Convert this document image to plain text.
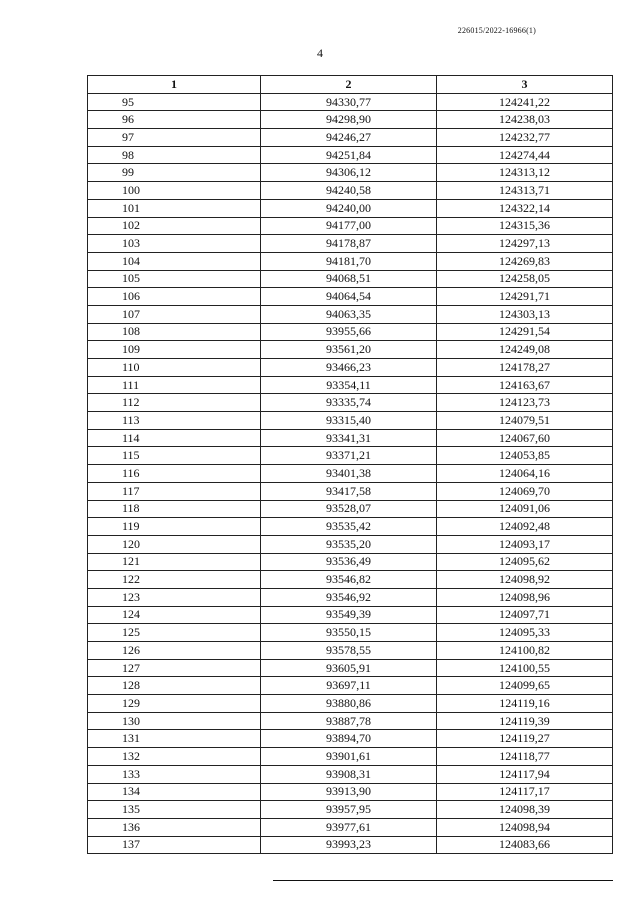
226015/2022-16966(1)
4
1	2	3
95	94330,77	124241,22
96	94298,90	124238,03
97	94246,27	124232,77
98	94251,84	124274,44
99	94306,12	124313,12
100	94240,58	124313,71
101	94240,00	124322,14
102	94177,00	124315,36
103	94178,87	124297,13
104	94181,70	124269,83
105	94068,51	124258,05
106	94064,54	124291,71
107	94063,35	124303,13
108	93955,66	124291,54
109	93561,20	124249,08
110	93466,23	124178,27
111	93354,11	124163,67
112	93335,74	124123,73
113	93315,40	124079,51
114	93341,31	124067,60
115	93371,21	124053,85
116	93401,38	124064,16
117	93417,58	124069,70
118	93528,07	124091,06
119	93535,42	124092,48
120	93535,20	124093,17
121	93536,49	124095,62
122	93546,82	124098,92
123	93546,92	124098,96
124	93549,39	124097,71
125	93550,15	124095,33
126	93578,55	124100,82
127	93605,91	124100,55
128	93697,11	124099,65
129	93880,86	124119,16
130	93887,78	124119,39
131	93894,70	124119,27
132	93901,61	124118,77
133	93908,31	124117,94
134	93913,90	124117,17
135	93957,95	124098,39
136	93977,61	124098,94
137	93993,23	124083,66
